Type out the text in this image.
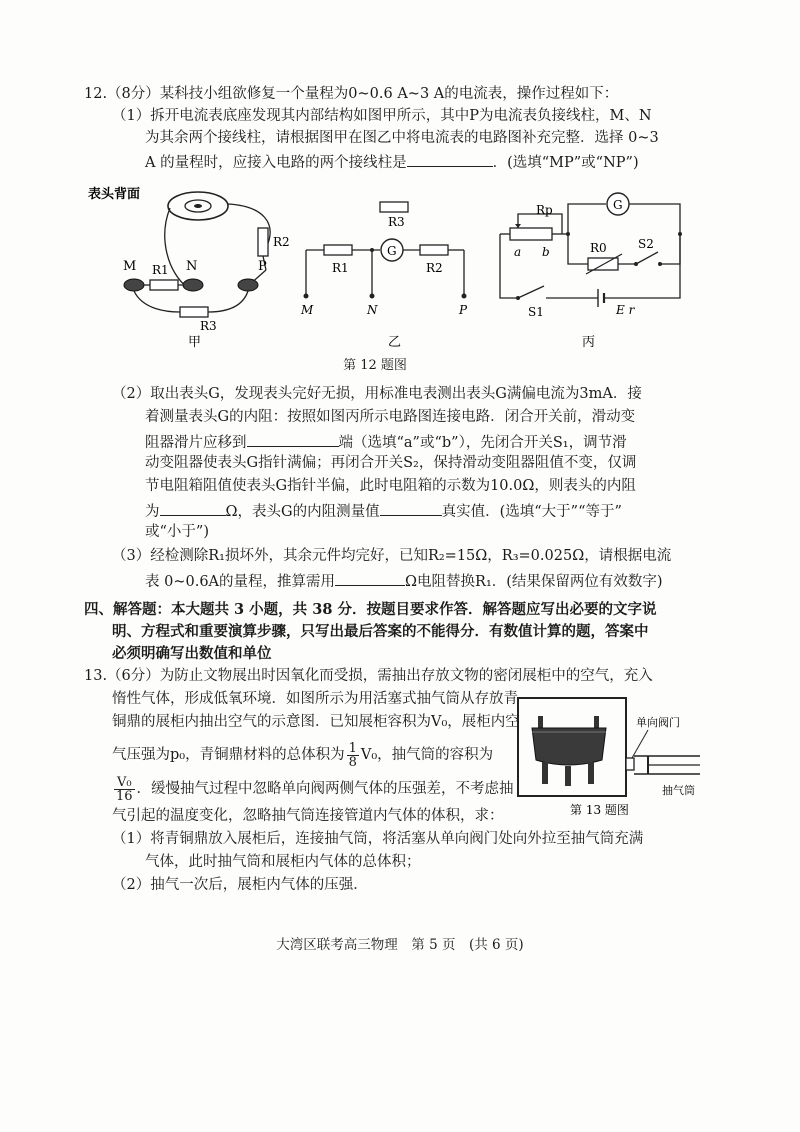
12.（8分）某科技小组欲修复一个量程为0~0.6 A~3 A的电流表，操作过程如下：
（1）拆开电流表底座发现其内部结构如图甲所示，其中P为电流表负接线柱，M、N
为其余两个接线柱，请根据图甲在图乙中将电流表的电路图补充完整．选择 0~3
A 的量程时，应接入电路的两个接线柱是	．(选填“MP”或“NP”)
表头背面
R2
M	N	P
R1
R3
甲
R3
G
R1	R2
M	N	P
乙
S1	E r
Rp
a b
G
R0	S2
丙
第 12 题图
（2）取出表头G，发现表头完好无损，用标准电表测出表头G满偏电流为3mA．接
着测量表头G的内阻：按照如图丙所示电路图连接电路．闭合开关前，滑动变
阻器滑片应移到	端（选填“a”或“b”），先闭合开关S₁，调节滑
动变阻器使表头G指针满偏；再闭合开关S₂，保持滑动变阻器阻值不变，仅调
节电阻箱阻值使表头G指针半偏，此时电阻箱的示数为10.0Ω，则表头的内阻
为	Ω，表头G的内阻测量值	真实值．(选填“大于”“等于”
或“小于”)
（3）经检测除R₁损坏外，其余元件均完好，已知R₂=15Ω，R₃=0.025Ω，请根据电流
表 0~0.6A的量程，推算需用	Ω电阻替换R₁．(结果保留两位有效数字)
四、解答题：本大题共 3 小题，共 38 分．按题目要求作答．解答题应写出必要的文字说
明、方程式和重要演算步骤，只写出最后答案的不能得分．有数值计算的题，答案中
必须明确写出数值和单位
13.（6分）为防止文物展出时因氧化而受损，需抽出存放文物的密闭展柜中的空气，充入
惰性气体，形成低氧环境．如图所示为用活塞式抽气筒从存放青
铜鼎的展柜内抽出空气的示意图．已知展柜容积为V₀，展柜内空
气压强为p₀，青铜鼎材料的总体积为 $\frac{1}{8} V_0$，抽气筒的容积为
$\frac{\text{V₀}}{16}$ ．缓慢抽气过程中忽略单向阀两侧气体的压强差，不考虑抽
气引起的温度变化，忽略抽气筒连接管道内气体的体积，求：
（1）将青铜鼎放入展柜后，连接抽气筒，将活塞从单向阀门处向外拉至抽气筒充满
气体，此时抽气筒和展柜内气体的总体积；
（2）抽气一次后，展柜内气体的压强．
单向阀门
抽气筒
第 13 题图
大湾区联考高三物理　第 5 页　(共 6 页)
